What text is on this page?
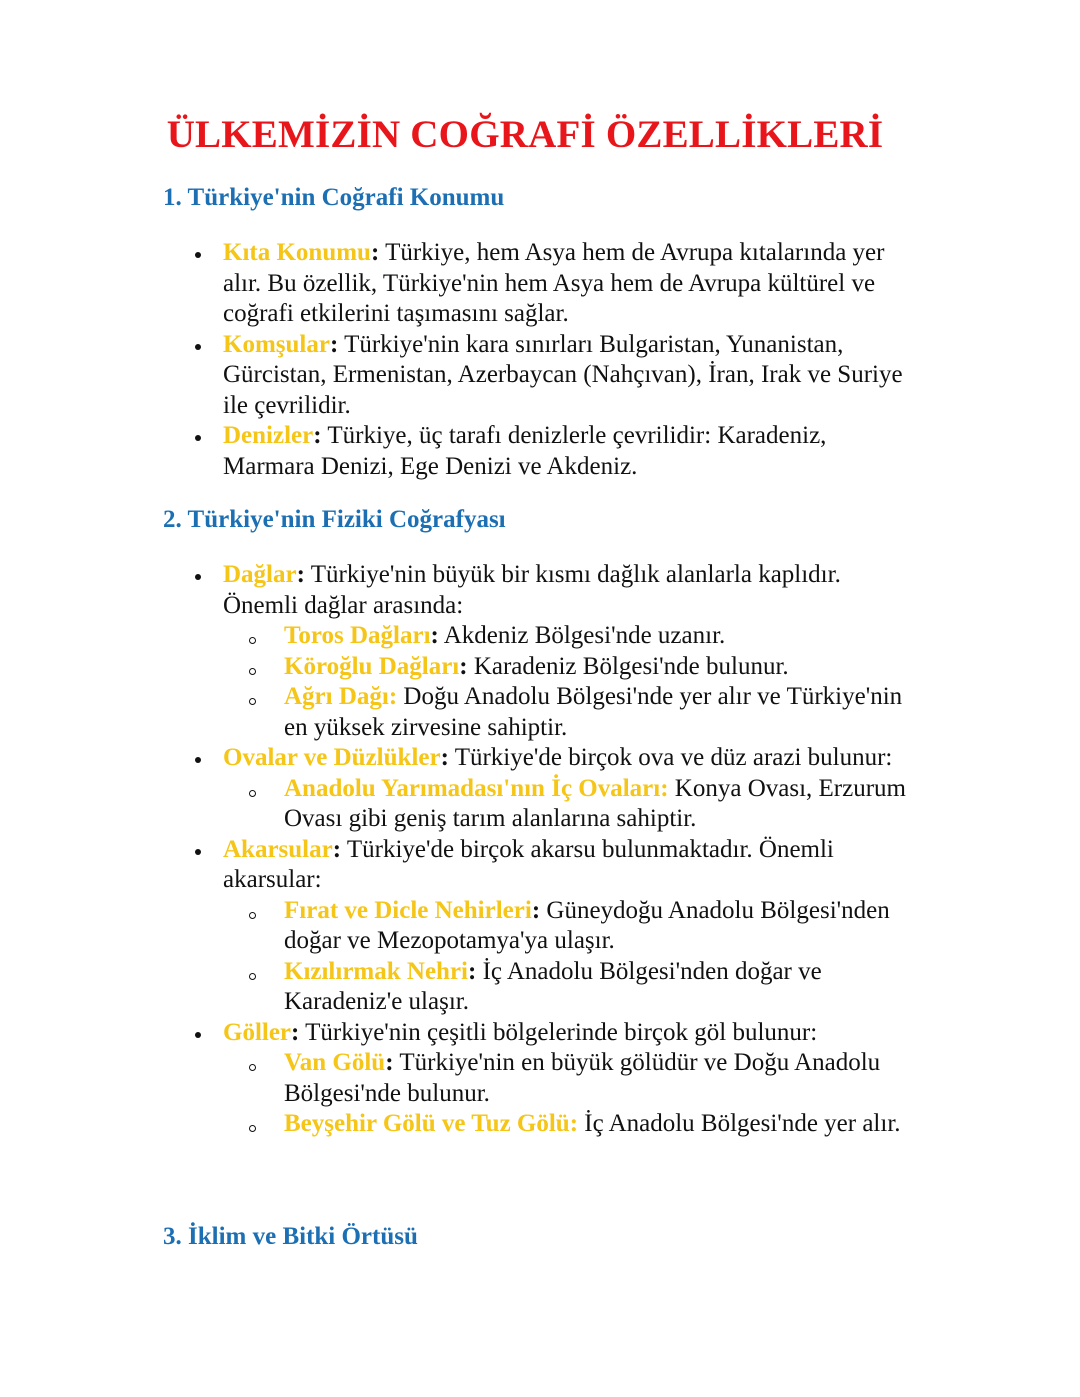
ÜLKEMİZİN COĞRAFİ ÖZELLİKLERİ
1. Türkiye'nin Coğrafi Konumu
Kıta Konumu: Türkiye, hem Asya hem de Avrupa kıtalarında yer alır. Bu özellik, Türkiye'nin hem Asya hem de Avrupa kültürel ve coğrafi etkilerini taşımasını sağlar.
Komşular: Türkiye'nin kara sınırları Bulgaristan, Yunanistan, Gürcistan, Ermenistan, Azerbaycan (Nahçıvan), İran, Irak ve Suriye ile çevrilidir.
Denizler: Türkiye, üç tarafı denizlerle çevrilidir: Karadeniz, Marmara Denizi, Ege Denizi ve Akdeniz.
2. Türkiye'nin Fiziki Coğrafyası
Dağlar: Türkiye'nin büyük bir kısmı dağlık alanlarla kaplıdır. Önemli dağlar arasında:
Toros Dağları: Akdeniz Bölgesi'nde uzanır.
Köroğlu Dağları: Karadeniz Bölgesi'nde bulunur.
Ağrı Dağı: Doğu Anadolu Bölgesi'nde yer alır ve Türkiye'nin en yüksek zirvesine sahiptir.
Ovalar ve Düzlükler: Türkiye'de birçok ova ve düz arazi bulunur:
Anadolu Yarımadası'nın İç Ovaları: Konya Ovası, Erzurum Ovası gibi geniş tarım alanlarına sahiptir.
Akarsular: Türkiye'de birçok akarsu bulunmaktadır. Önemli akarsular:
Fırat ve Dicle Nehirleri: Güneydoğu Anadolu Bölgesi'nden doğar ve Mezopotamya'ya ulaşır.
Kızılırmak Nehri: İç Anadolu Bölgesi'nden doğar ve Karadeniz'e ulaşır.
Göller: Türkiye'nin çeşitli bölgelerinde birçok göl bulunur:
Van Gölü: Türkiye'nin en büyük gölüdür ve Doğu Anadolu Bölgesi'nde bulunur.
Beyşehir Gölü ve Tuz Gölü: İç Anadolu Bölgesi'nde yer alır.
3. İklim ve Bitki Örtüsü
